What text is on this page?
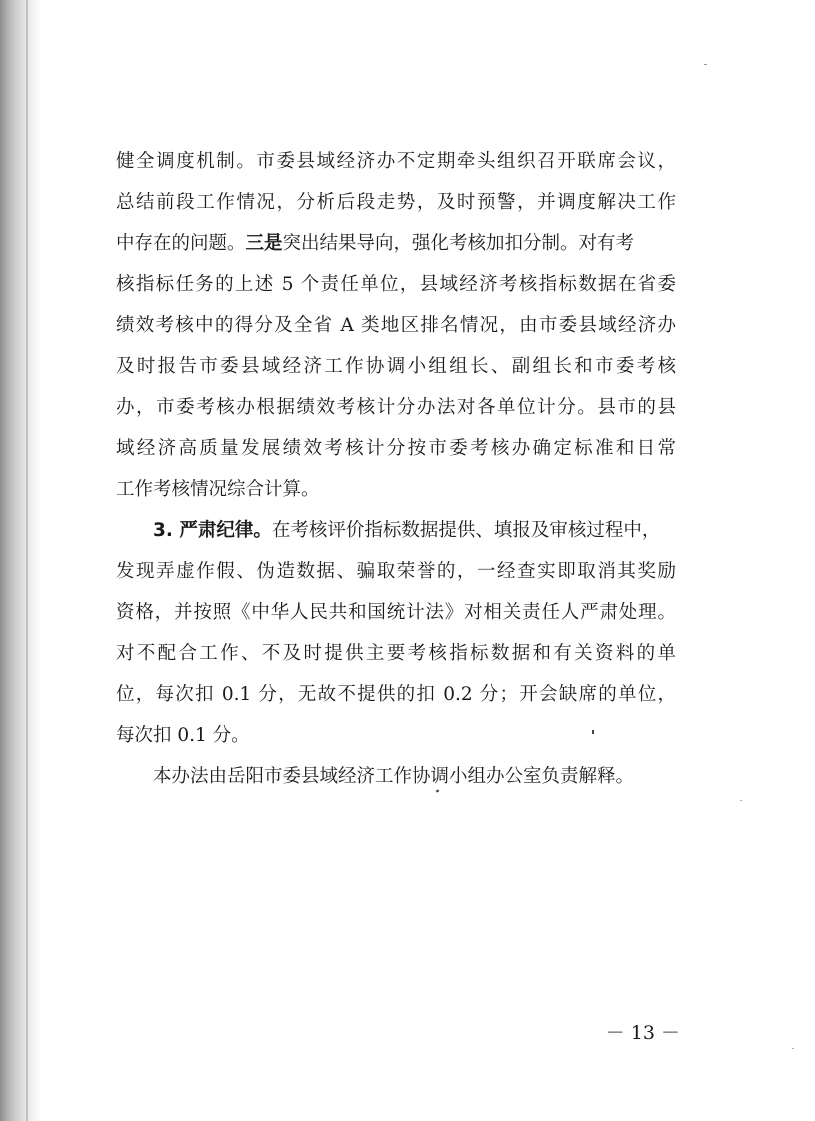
健全调度机制。市委县域经济办不定期牵头组织召开联席会议，
总结前段工作情况，分析后段走势，及时预警，并调度解决工作
中存在的问题。三是突出结果导向，强化考核加扣分制。对有考
核指标任务的上述 5 个责任单位，县域经济考核指标数据在省委
绩效考核中的得分及全省 A 类地区排名情况，由市委县域经济办
及时报告市委县域经济工作协调小组组长、副组长和市委考核
办，市委考核办根据绩效考核计分办法对各单位计分。县市的县
域经济高质量发展绩效考核计分按市委考核办确定标准和日常
工作考核情况综合计算。
3. 严肃纪律。在考核评价指标数据提供、填报及审核过程中，
发现弄虚作假、伪造数据、骗取荣誉的，一经查实即取消其奖励
资格，并按照《中华人民共和国统计法》对相关责任人严肃处理。
对不配合工作、不及时提供主要考核指标数据和有关资料的单
位，每次扣 0.1 分，无故不提供的扣 0.2 分；开会缺席的单位，
每次扣 0.1 分。
本办法由岳阳市委县域经济工作协调小组办公室负责解释。
－ 13 －
